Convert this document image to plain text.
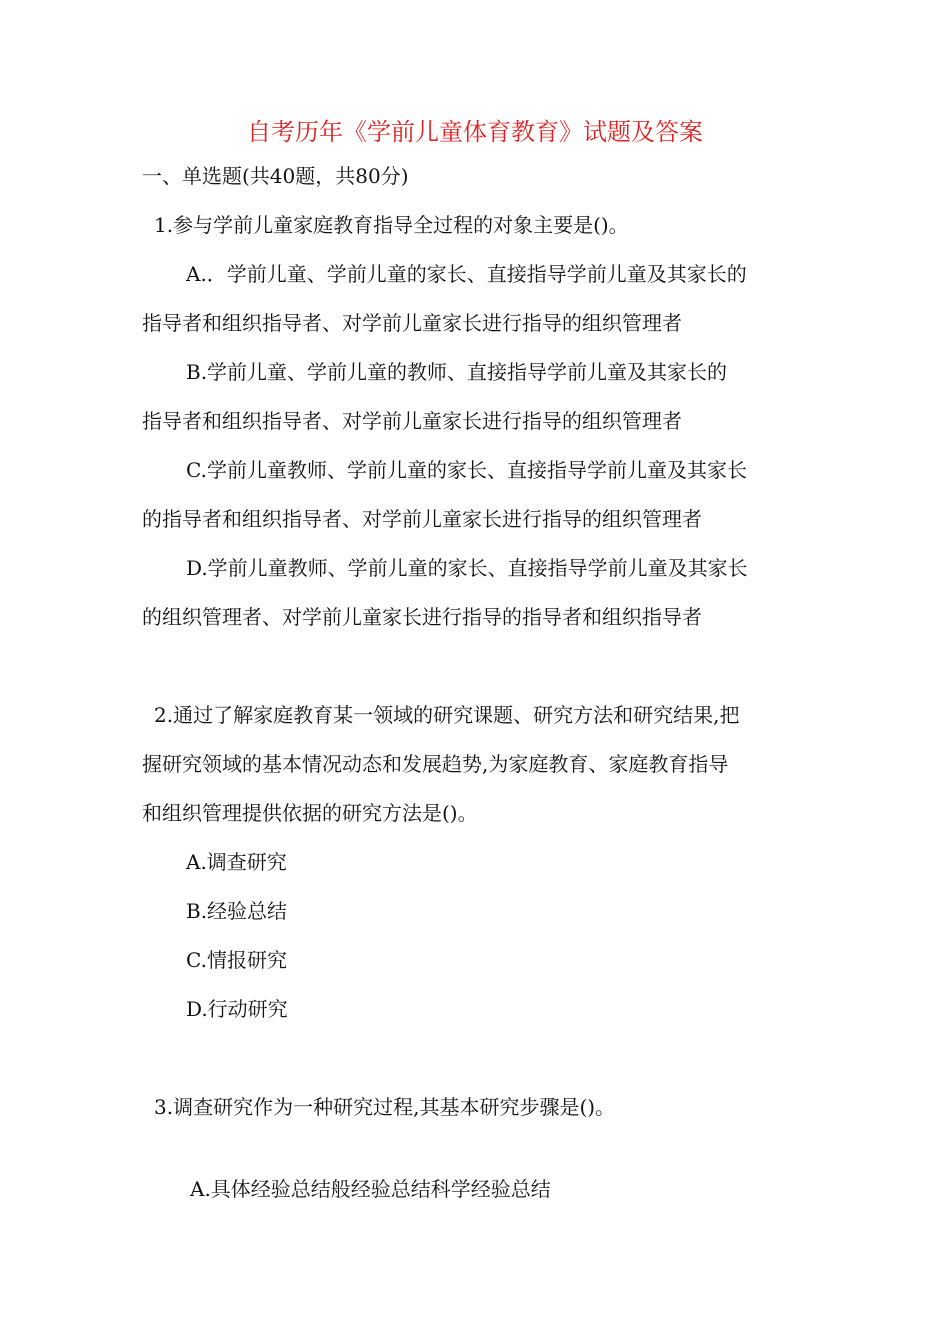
自考历年《学前儿童体育教育》试题及答案
一、单选题(共40题，共80分)
1.参与学前儿童家庭教育指导全过程的对象主要是()。
A.．学前儿童、学前儿童的家长、直接指导学前儿童及其家长的
指导者和组织指导者、对学前儿童家长进行指导的组织管理者
B.学前儿童、学前儿童的教师、直接指导学前儿童及其家长的
指导者和组织指导者、对学前儿童家长进行指导的组织管理者
C.学前儿童教师、学前儿童的家长、直接指导学前儿童及其家长
的指导者和组织指导者、对学前儿童家长进行指导的组织管理者
D.学前儿童教师、学前儿童的家长、直接指导学前儿童及其家长
的组织管理者、对学前儿童家长进行指导的指导者和组织指导者
2.通过了解家庭教育某一领域的研究课题、研究方法和研究结果,把
握研究领域的基本情况动态和发展趋势,为家庭教育、家庭教育指导
和组织管理提供依据的研究方法是()。
A.调查研究
B.经验总结
C.情报研究
D.行动研究
3.调查研究作为一种研究过程,其基本研究步骤是()。
A.具体经验总结般经验总结科学经验总结
